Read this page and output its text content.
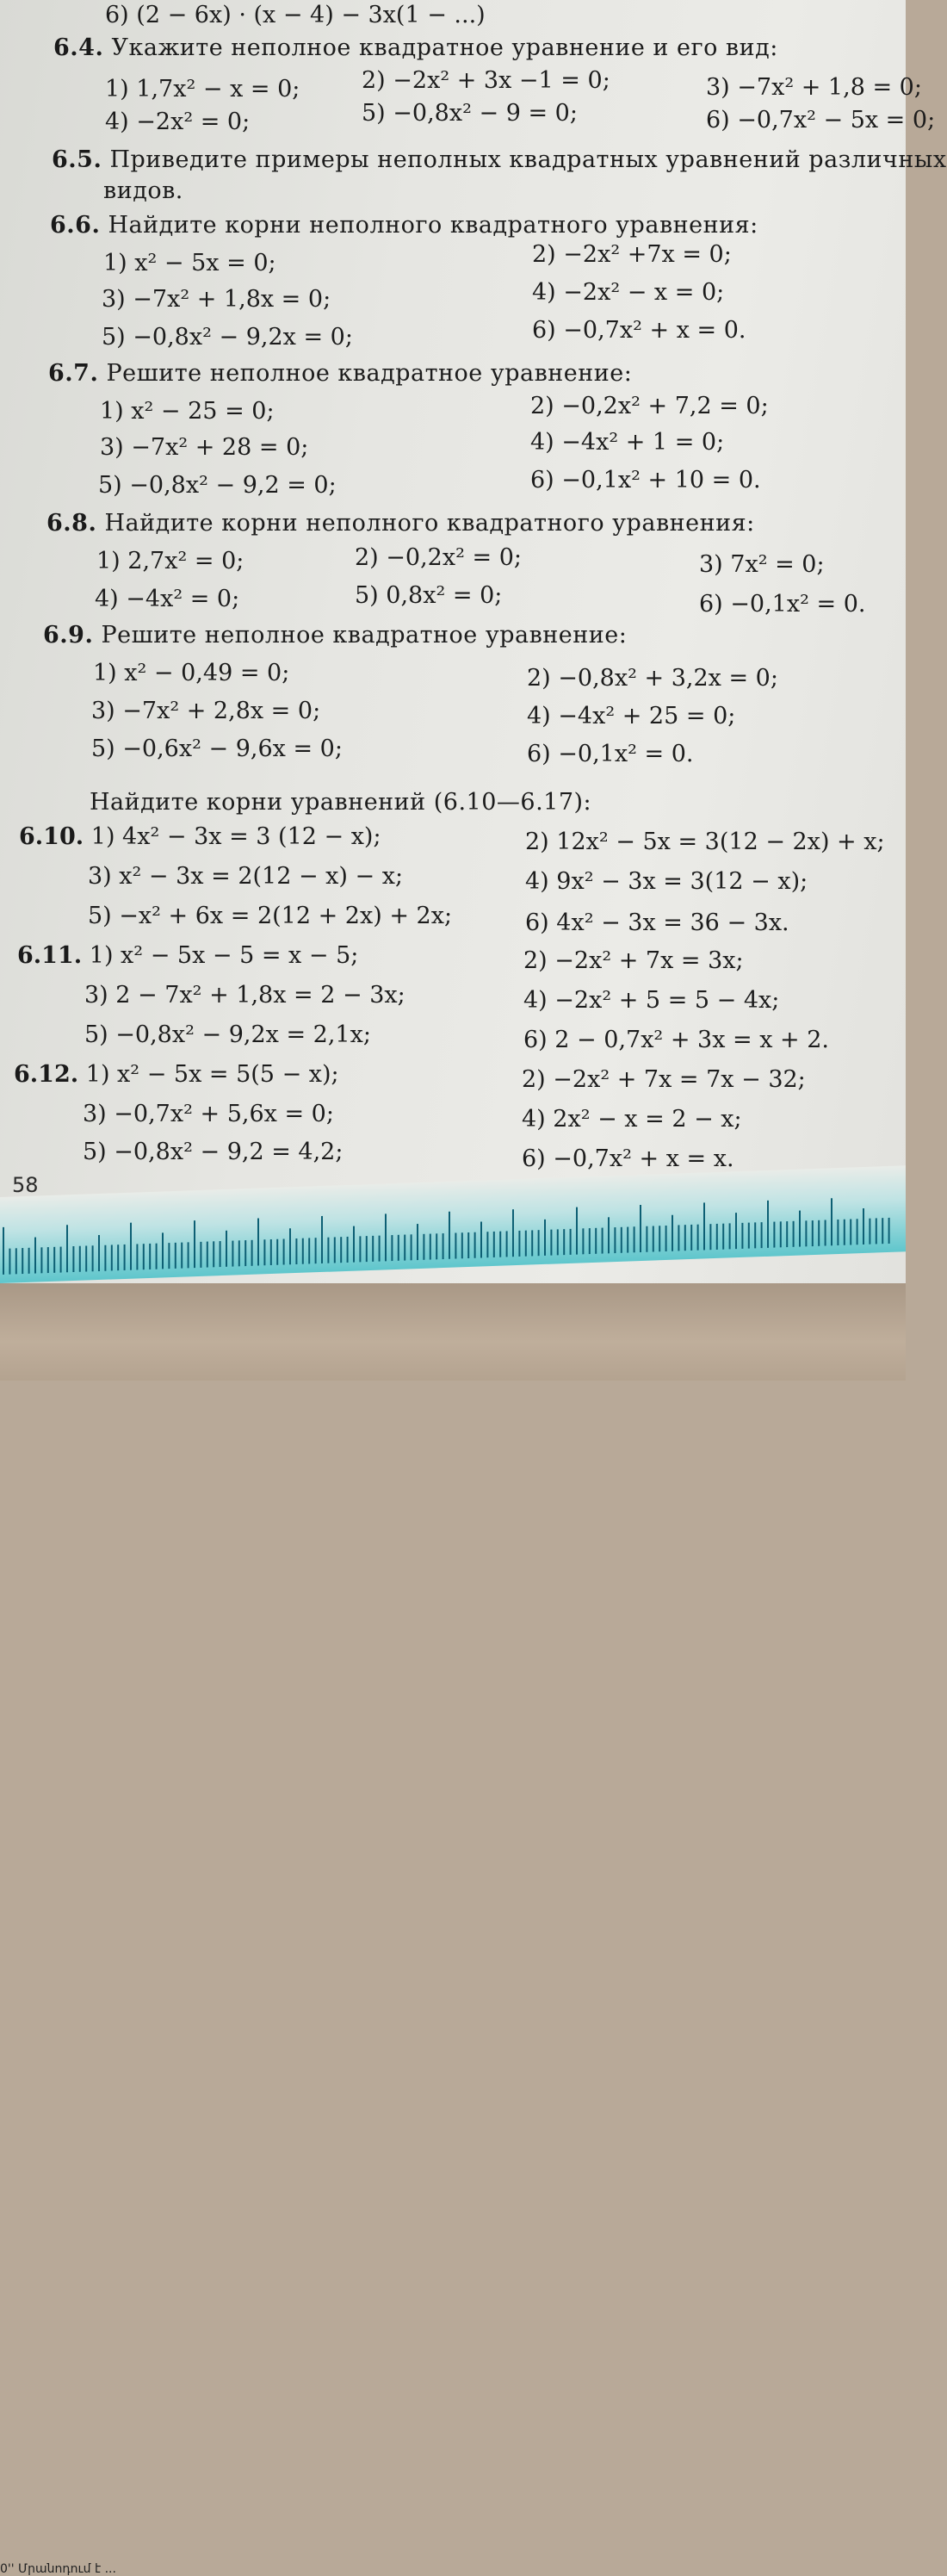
6) (2 − 6x) · (x − 4) − 3x(1 − ...)
6.4. Укажите неполное квадратное уравнение и его вид:
1) 1,7x² − x = 0;	2) −2x² + 3x −1 = 0;	3) −7x² + 1,8 = 0;
4) −2x² = 0;	5) −0,8x² − 9 = 0;	6) −0,7x² − 5x = 0;
6.5. Приведите примеры неполных квадратных уравнений различных
видов.
6.6. Найдите корни неполного квадратного уравнения:
1) x² − 5x = 0;	2) −2x² +7x = 0;
3) −7x² + 1,8x = 0;	4) −2x² − x = 0;
5) −0,8x² − 9,2x = 0;	6) −0,7x² + x = 0.
6.7. Решите неполное квадратное уравнение:
1) x² − 25 = 0;	2) −0,2x² + 7,2 = 0;
3) −7x² + 28 = 0;	4) −4x² + 1 = 0;
5) −0,8x² − 9,2 = 0;	6) −0,1x² + 10 = 0.
6.8. Найдите корни неполного квадратного уравнения:
1) 2,7x² = 0;	2) −0,2x² = 0;	3) 7x² = 0;
4) −4x² = 0;	5) 0,8x² = 0;	6) −0,1x² = 0.
6.9. Решите неполное квадратное уравнение:
1) x² − 0,49 = 0;	2) −0,8x² + 3,2x = 0;
3) −7x² + 2,8x = 0;	4) −4x² + 25 = 0;
5) −0,6x² − 9,6x = 0;	6) −0,1x² = 0.
Найдите корни уравнений (6.10—6.17):
6.10. 1) 4x² − 3x = 3 (12 − x);	2) 12x² − 5x = 3(12 − 2x) + x;
3) x² − 3x = 2(12 − x) − x;	4) 9x² − 3x = 3(12 − x);
5) −x² + 6x = 2(12 + 2x) + 2x;	6) 4x² − 3x = 36 − 3x.
6.11. 1) x² − 5x − 5 = x − 5;	2) −2x² + 7x = 3x;
3) 2 − 7x² + 1,8x = 2 − 3x;	4) −2x² + 5 = 5 − 4x;
5) −0,8x² − 9,2x = 2,1x;	6) 2 − 0,7x² + 3x = x + 2.
6.12. 1) x² − 5x = 5(5 − x);	2) −2x² + 7x = 7x − 32;
3) −0,7x² + 5,6x = 0;	4) 2x² − x = 2 − x;
5) −0,8x² − 9,2 = 4,2;	6) −0,7x² + x = x.
58
0'' Մրանոդում է ...
